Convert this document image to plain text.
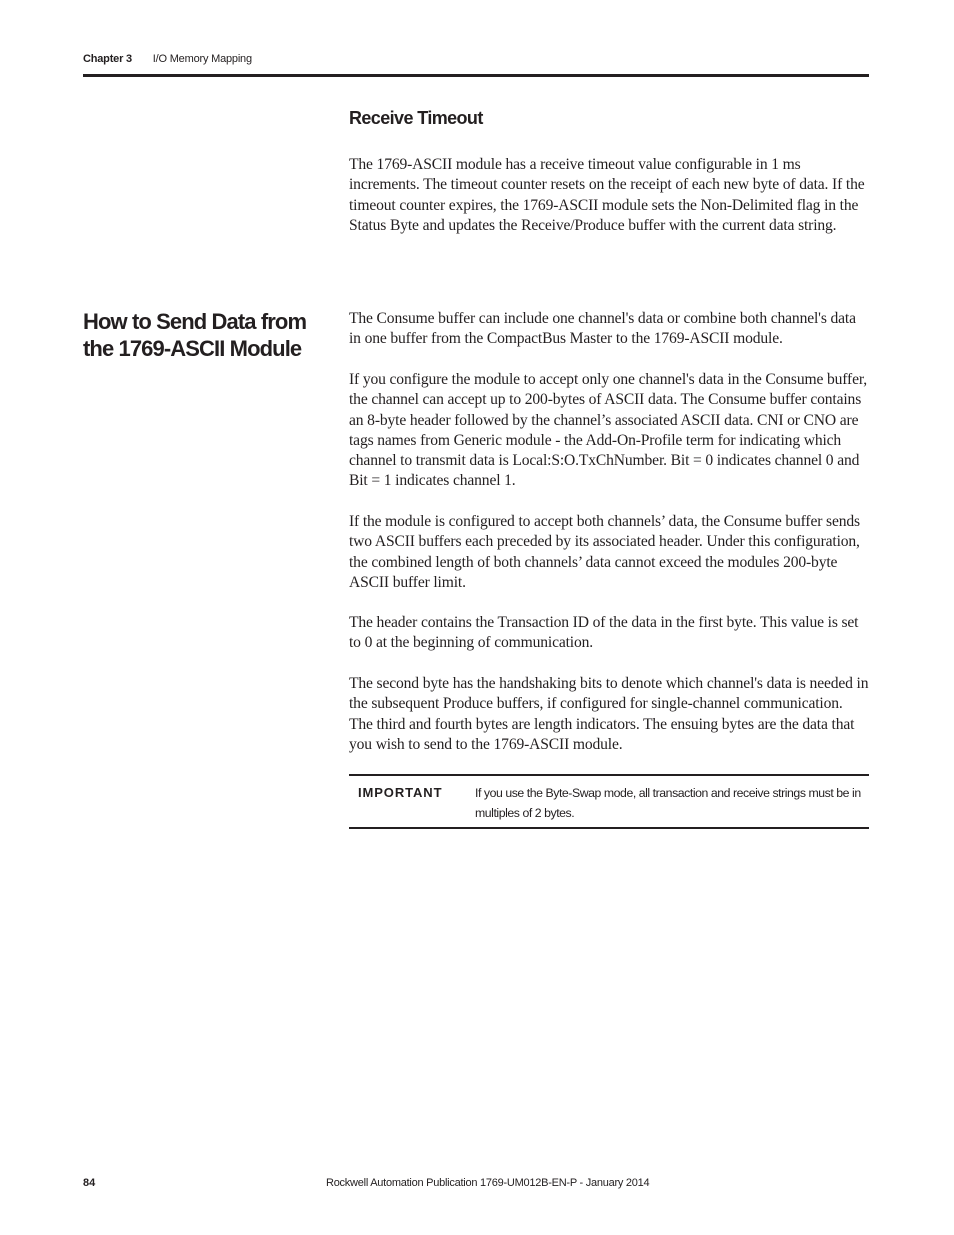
Chapter 3 I/O Memory Mapping
Receive Timeout

The 1769-ASCII module has a receive timeout value configurable in 1 ms increments. The timeout counter resets on the receipt of each new byte of data. If the timeout counter expires, the 1769-ASCII module sets the Non-Delimited flag in the Status Byte and updates the Receive/Produce buffer with the current data string.

How to Send Data from the 1769-ASCII Module

The Consume buffer can include one channel's data or combine both channel's data in one buffer from the CompactBus Master to the 1769-ASCII module.

If you configure the module to accept only one channel's data in the Consume buffer, the channel can accept up to 200-bytes of ASCII data. The Consume buffer contains an 8-byte header followed by the channel’s associated ASCII data. CNI or CNO are tags names from Generic module - the Add-On-Profile term for indicating which channel to transmit data is Local:S:O.TxChNumber. Bit = 0 indicates channel 0 and Bit = 1 indicates channel 1.

If the module is configured to accept both channels’ data, the Consume buffer sends two ASCII buffers each preceded by its associated header. Under this configuration, the combined length of both channels’ data cannot exceed the modules 200-byte ASCII buffer limit.

The header contains the Transaction ID of the data in the first byte. This value is set to 0 at the beginning of communication.

The second byte has the handshaking bits to denote which channel's data is needed in the subsequent Produce buffers, if configured for single-channel communication. The third and fourth bytes are length indicators. The ensuing bytes are the data that you wish to send to the 1769-ASCII module.

IMPORTANT	If you use the Byte-Swap mode, all transaction and receive strings must be in multiples of 2 bytes.
84	Rockwell Automation Publication 1769-UM012B-EN-P - January 2014
